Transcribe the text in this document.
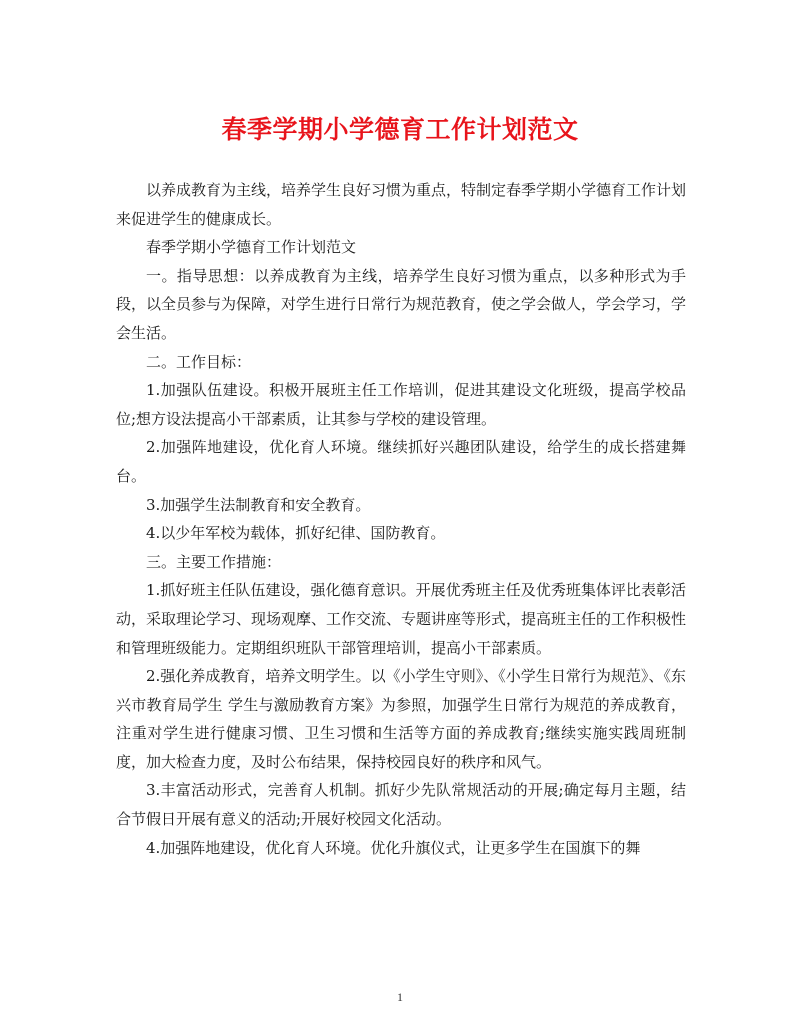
春季学期小学德育工作计划范文

以养成教育为主线，培养学生良好习惯为重点，特制定春季学期小学德育工作计划来促进学生的健康成长。

春季学期小学德育工作计划范文

一。指导思想：以养成教育为主线，培养学生良好习惯为重点，以多种形式为手段，以全员参与为保障，对学生进行日常行为规范教育，使之学会做人，学会学习，学会生活。

二。工作目标：

1.加强队伍建设。积极开展班主任工作培训，促进其建设文化班级，提高学校品位;想方设法提高小干部素质，让其参与学校的建设管理。

2.加强阵地建设，优化育人环境。继续抓好兴趣团队建设，给学生的成长搭建舞台。

3.加强学生法制教育和安全教育。

4.以少年军校为载体，抓好纪律、国防教育。

三。主要工作措施：

1.抓好班主任队伍建设，强化德育意识。开展优秀班主任及优秀班集体评比表彰活动，采取理论学习、现场观摩、工作交流、专题讲座等形式，提高班主任的工作积极性和管理班级能力。定期组织班队干部管理培训，提高小干部素质。

2.强化养成教育，培养文明学生。以《小学生守则》、《小学生日常行为规范》、《东兴市教育局学生 学生与激励教育方案》为参照，加强学生日常行为规范的养成教育，注重对学生进行健康习惯、卫生习惯和生活等方面的养成教育;继续实施实践周班制度，加大检查力度，及时公布结果，保持校园良好的秩序和风气。

3.丰富活动形式，完善育人机制。抓好少先队常规活动的开展;确定每月主题，结合节假日开展有意义的活动;开展好校园文化活动。

4.加强阵地建设，优化育人环境。优化升旗仪式，让更多学生在国旗下的舞

1
